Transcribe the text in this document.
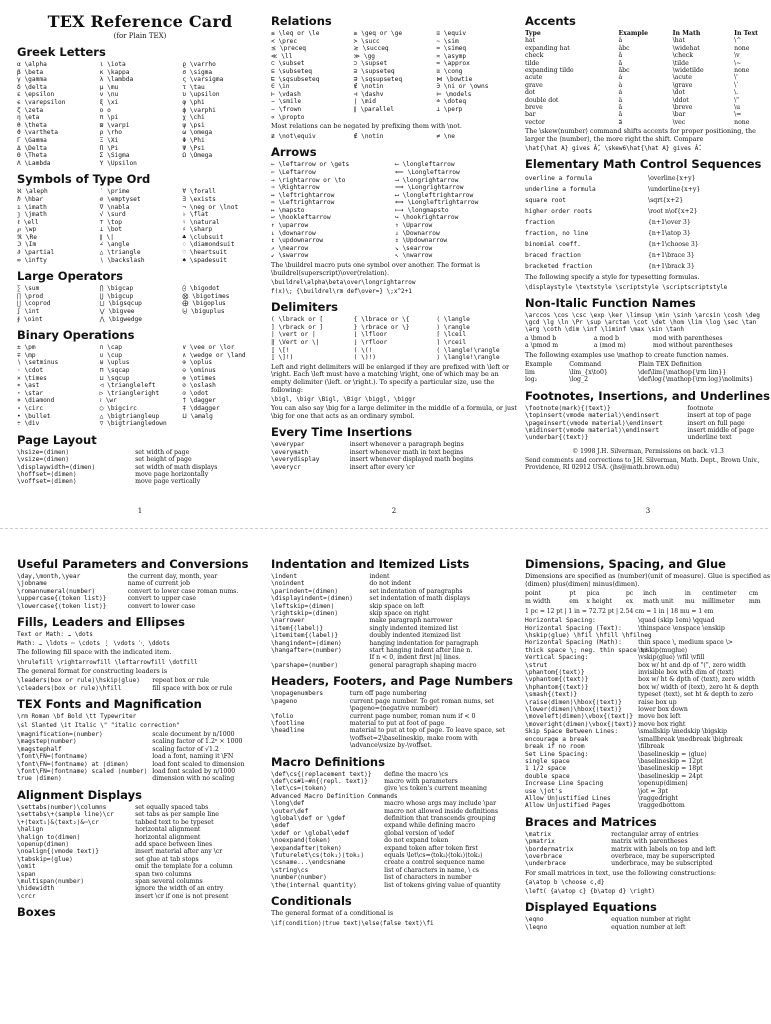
TEX Reference Card
(for Plain TEX)
Greek Letters
α \alpha	ι \iota	ϱ \varrho
β \beta	κ \kappa	σ \sigma
γ \gamma	λ \lambda	ς \varsigma
δ \delta	μ \mu	τ \tau
ε \epsilon	ν \nu	υ \upsilon
ϵ \varepsilon	ξ \xi	φ \phi
ζ \zeta	o o	ϕ \varphi
η \eta	π \pi	χ \chi
θ \theta	ϖ \varpi	ψ \psi
ϑ \vartheta	ρ \rho	ω \omega
Γ \Gamma	Ξ \Xi	Φ \Phi
Δ \Delta	Π \Pi	Ψ \Psi
Θ \Theta	Σ \Sigma	Ω \Omega
Λ \Lambda	Υ \Upsilon
Symbols of Type Ord
ℵ \aleph	′ \prime	∀ \forall
ℏ \hbar	∅ \emptyset	∃ \exists
ı \imath	∇ \nabla	¬ \neg or \lnot
ȷ \jmath	√ \surd	♭ \flat
ℓ \ell	⊤ \top	♮ \natural
℘ \wp	⊥ \bot	♯ \sharp
ℜ \Re	∥ \|	♣ \clubsuit
ℑ \Im	∠ \angle	♢ \diamondsuit
∂ \partial	△ \triangle	♡ \heartsuit
∞ \infty	∖ \backslash	♠ \spadesuit
Large Operators
∑ \sum	⋂ \bigcap	⨀ \bigodot
∏ \prod	⋃ \bigcup	⨂ \bigotimes
∐ \coprod	⨆ \bigsqcup	⨁ \bigoplus
∫ \int	⋁ \bigvee	⨄ \biguplus
∮ \oint	⋀ \bigwedge
Binary Operations
± \pm	∩ \cap	∨ \vee or \lor
∓ \mp	∪ \cup	∧ \wedge or \land
∖ \setminus	⊎ \uplus	⊕ \oplus
· \cdot	⊓ \sqcap	⊖ \ominus
× \times	⊔ \sqcup	⊗ \otimes
∗ \ast	◁ \triangleleft	⊘ \oslash
⋆ \star	▷ \triangleright	⊙ \odot
⋄ \diamond	≀ \wr	† \dagger
∘ \circ	○ \bigcirc	‡ \ddagger
• \bullet	△ \bigtriangleup	⨿ \amalg
÷ \div	▽ \bigtriangledown
Page Layout
\hsize=⟨dimen⟩	set width of page
\vsize=⟨dimen⟩	set height of page
\displaywidth=⟨dimen⟩	set width of math displays
\hoffset=⟨dimen⟩	move page horizontally
\voffset=⟨dimen⟩	move page vertically
Relations
≤ \leq or \le	≥ \geq or \ge	≡ \equiv
≺ \prec	≻ \succ	∼ \sim
⪯ \preceq	⪰ \succeq	≃ \simeq
≪ \ll	≫ \gg	≍ \asymp
⊂ \subset	⊃ \supset	≈ \approx
⊆ \subseteq	⊇ \supseteq	≅ \cong
⊑ \sqsubseteq	⊒ \sqsupseteq	⋈ \bowtie
∈ \in	∉ \notin	∋ \ni or \owns
⊢ \vdash	⊣ \dashv	⊨ \models
⌣ \smile	∣ \mid	≐ \doteq
⌢ \frown	∥ \parallel	⊥ \perp
∝ \propto
Most relations can be negated by prefixing them with \not.
≢ \not\equiv	∉ \notin	≠ \ne
Arrows
← \leftarrow or \gets	⟵ \longleftarrow
⇐ \Leftarrow	⟸ \Longleftarrow
→ \rightarrow or \to	⟶ \longrightarrow
⇒ \Rightarrow	⟹ \Longrightarrow
↔ \leftrightarrow	⟷ \longleftrightarrow
⇔ \Leftrightarrow	⟺ \Longleftrightarrow
↦ \mapsto	⟼ \longmapsto
↩ \hookleftarrow	↪ \hookrightarrow
↑ \uparrow	⇑ \Uparrow
↓ \downarrow	⇓ \Downarrow
↕ \updownarrow	⇕ \Updownarrow
↗ \nearrow	↘ \searrow
↙ \swarrow	↖ \nwarrow
The \buildrel macro puts one symbol over another. The format is \buildrel⟨superscript⟩\over⟨relation⟩.
\buildrel\alpha\beta\over\longrightarrow
f(x)\; {\buildrel\rm def\over=} \;x^2+1
Delimiters
( \lbrack or [	{ \lbrace or \{	⟨ \langle
] \rbrack or ]	} \rbrace or \}	⟩ \rangle
| \vert or |	⌊ \lfloor	⌈ \lceil
‖ \Vert or \|	⌋ \rfloor	⌉ \rceil
⟦ \[!	( \(!	⟨ \langle!\rangle
⟧ \]!)	( \)!)	⟩ \langle!\rangle
Left and right delimiters will be enlarged if they are prefixed with \left or \right. Each \left must have a matching \right, one of which may be an empty delimiter (\left. or \right.). To specify a particular size, use the following:
\bigl, \bigr \Bigl, \Bigr \biggl, \biggr
You can also say \big for a large delimiter in the middle of a formula, or just \big for one that acts as an ordinary symbol.
Every Time Insertions
\everypar	insert whenever a paragraph begins
\everymath	insert whenever math in text begins
\everydisplay	insert whenever displayed math begins
\everycr	insert after every \cr
Accents
Type	Example	In Math	In Text
hat	â	\hat	\^
expanding hat	âbc	\widehat	none
check	ǎ	\check	\v
tilde	ã	\tilde	\~
expanding tilde	ãbc	\widetilde	none
acute	á	\acute	\'
grave	à	\grave	\`
dot	ȧ	\dot	\.
double dot	ä	\ddot	\"
breve	ă	\breve	\u
bar	ā	\bar	\=
vector	a⃗	\vec	none
The \skew⟨number⟩ command shifts accents for proper positioning, the larger the ⟨number⟩, the more right the shift. Compare
\hat{\hat A} gives Â̂, \skew6\hat{\hat A} gives Â̂.
Elementary Math Control Sequences
overline a formula	\overline{x+y}
underline a formula	\underline{x+y}
square root	\sqrt{x+2}
higher order roots	\root n\of{x+2}
fraction	{n+1\over 3}
fraction, no line	{n+1\atop 3}
binomial coeff.	{n+1\choose 3}
braced fraction	{n+1\brace 3}
bracketed fraction	{n+1\brack 3}
The following specify a style for typesetting formulas.
\displaystyle \textstyle \scriptstyle \scriptscriptstyle
Non-Italic Function Names
\arccos \cos \csc \exp \ker \limsup \min \sinh \arcsin \cosh \deg \gcd \lg \ln \Pr \sup \arctan \cot \det \hom \lim \log \sec \tan \arg \coth \dim \inf \liminf \max \sin \tanh
a \bmod b	a mod b	mod with parentheses
a \pmod m	a (mod m)	mod without parentheses
The following examples use \mathop to create function names.
Example	Command	Plain TEX Definition
lim	\lim_{x\to0}	\def\lim{\mathop{\rm lim}}
log₂	\log_2	\def\log{\mathop{\rm log}\nolimits}
Footnotes, Insertions, and Underlines
\footnote⟨mark⟩{⟨text⟩}	footnote
\topinsert⟨vmode material⟩\endinsert	insert at top of page
\pageinsert⟨vmode material⟩\endinsert	insert on full page
\midinsert⟨vmode material⟩\endinsert	insert middle of page
\underbar{⟨text⟩}	underline text
© 1998 J.H. Silverman, Permissions on back. v1.3
Send comments and corrections to J.H. Silverman, Math. Dept., Brown Univ., Providence, RI 02912 USA. ⟨jhs@math.brown.edu⟩
1	2	3
Useful Parameters and Conversions
\day,\month,\year	the current day, month, year
\jobname	name of current job
\romannumeral⟨number⟩	convert to lower case roman nums.
\uppercase{⟨token list⟩}	convert to upper case
\lowercase{⟨token list⟩}	convert to lower case
Fills, Leaders and Ellipses
Text or Math: … \dots
Math: … \ldots ⋯ \cdots ⋮ \vdots ⋱ \ddots
The following fill space with the indicated item.
\hrulefill \rightarrowfill \leftarrowfill \dotfill
The general format for constructing leaders is
\leaders⟨box or rule⟩\hskip⟨glue⟩	repeat box or rule
\cleaders⟨box or rule⟩\hfill	fill space with box or rule
TEX Fonts and Magnification
\rm Roman \bf Bold \tt Typewriter
\sl Slanted \it Italic \" "italic correction"
\magnification=⟨number⟩	scale document by n/1000
\magstep⟨number⟩	scaling factor of 1.2ⁿ × 1000
\magstephalf	scaling factor of √1.2
\font\FN=⟨fontname⟩	load a font, naming it \FN
\font\FN=⟨fontname⟩ at ⟨dimen⟩	load font scaled to dimension
\font\FN=⟨fontname⟩ scaled ⟨number⟩ load font scaled by n/1000
true ⟨dimen⟩	dimension with no scaling
Alignment Displays
\settabs⟨number⟩\columns	set equally spaced tabs
\settabs\+⟨sample line⟩\cr	set tabs as per sample line
\+⟨text₁⟩&⟨text₂⟩&⋯\cr	tabbed text to be typeset
\halign	horizontal alignment
\halign to⟨dimen⟩	horizontal alignment
\openup⟨dimen⟩	add space between lines
\noalign{⟨vmode text⟩}	insert material after any \cr
\tabskip=⟨glue⟩	set glue at tab stops
\omit	omit the template for a column
\span	span two columns
\multispan⟨number⟩	span several columns
\hidewidth	ignore the width of an entry
\crcr	insert \cr if one is not present
Boxes
Indentation and Itemized Lists
\indent	indent
\noindent	do not indent
\parindent=⟨dimen⟩	set indentation of paragraphs
\displayindent=⟨dimen⟩	set indentation of math displays
\leftskip=⟨dimen⟩	skip space on left
\rightskip=⟨dimen⟩	skip space on right
\narrower	make paragraph narrower
\item{⟨label⟩}	singly indented itemized list
\itemitem{⟨label⟩}	doubly indented itemized list
\hangindent=⟨dimen⟩	hanging indentation for paragraph
\hangafter=⟨number⟩	start hanging indent after line n.
If n < 0, indent first |n| lines.
\parshape=⟨number⟩	general paragraph shaping macro
Headers, Footers, and Page Numbers
\nopagenumbers	turn off page numbering
\pageno	current page number. To get roman nums, set \pageno=⟨negative number⟩
\folio	current page number, roman num if < 0
\footline	material to put at foot of page
\headline	material to put at top of page. To leave space, set \voffset=2\baselineskip, make room with \advance\vsize by-\voffset.
Macro Definitions
\def\cs{⟨replacement text⟩}	define the macro \cs
\def\cs#1⋯#n{⟨repl. text⟩}	macro with parameters
\let\cs=⟨token⟩	give \cs token's current meaning
Advanced Macro Definition Commands
\long\def	macro whose args may include \par
\outer\def	macro not allowed inside definitions
\global\def or \gdef	definition that transcends grouping
\edef	expand while defining macro
\xdef or \global\edef	global version of \edef
\noexpand⟨token⟩	do not expand token
\expandafter⟨token⟩	expand token after token first
\futurelet\cs⟨tok₁⟩⟨tok₂⟩	equals \let\cs=⟨tok₂⟩⟨tok₁⟩⟨tok₂⟩
\csname...\endcsname	create a control sequence name
\string\cs	list of characters in name, \ cs
\number⟨number⟩	list of characters in number
\the⟨internal quantity⟩	list of tokens giving value of quantity
Conditionals
The general format of a conditional is
\if⟨condition⟩⟨true text⟩\else⟨false text⟩\fi
Dimensions, Spacing, and Glue
Dimensions are specified as ⟨number⟩⟨unit of measure⟩. Glue is specified as ⟨dimen⟩ plus⟨dimen⟩ minus⟨dimen⟩.
point	pt	pica	pc	inch	in	centimeter	cm
m width	em	x height	ex	math unit	mu	millimeter	mm
1 pc = 12 pt | 1 in = 72.72 pt | 2.54 cm = 1 in | 18 mu = 1 em
Horizontal Spacing:	\quad (skip 1em) \qquad
Horizontal Spacing (Text):	\thinspace \enspace \enskip
\hskip⟨glue⟩ \hfil \hfill \hfilneg
Horizontal Spacing (Math):	thin space \, medium space \>
thick space \; neg. thin space \!
\mskip⟨muglue⟩
Vertical Spacing:	\vskip⟨glue⟩ \vfil \vfill
\strut	box w/ ht and dp of "(", zero width
\phantom{⟨text⟩}	invisible box with dim of ⟨text⟩
\vphantom{⟨text⟩}	box w/ ht & dpth of ⟨text⟩, zero width
\hphantom{⟨text⟩}	box w/ width of ⟨text⟩, zero ht & depth
\smash{⟨text⟩}	typeset ⟨text⟩, set ht & depth to zero
\raise⟨dimen⟩\hbox{⟨text⟩}	raise box up
\lower⟨dimen⟩\hbox{⟨text⟩}	lower box down
\moveleft⟨dimen⟩\vbox{⟨text⟩} move box left
\moveright⟨dimen⟩\vbox{⟨text⟩} move box right
Skip Space Between Lines:	\smallskip \medskip \bigskip
encourage a break	\smallbreak \medbreak \bigbreak
break if no room	\filbreak
Set Line Spacing:	\baselineskip = ⟨glue⟩
single space	\baselineskip = 12pt
1 1/2 space	\baselineskip = 18pt
double space	\baselineskip = 24pt
Increase Line Spacing	\openup⟨dimen⟩
use \jot's	\jot = 3pt
Allow Unjustified Lines	\raggedright
Allow Unjustified Pages	\raggedbottom
Braces and Matrices
\matrix	rectangular array of entries
\pmatrix	matrix with parentheses
\bordermatrix	matrix with labels on top and left
\overbrace	overbrace, may be superscripted
\underbrace	underbrace, may be subscripted
For small matrices in text, use the following constructions:
{a\atop b \choose c,d}
\left( {a\atop c} {b\atop d} \right)
Displayed Equations
\eqno	equation number at right
\leqno	equation number at left
